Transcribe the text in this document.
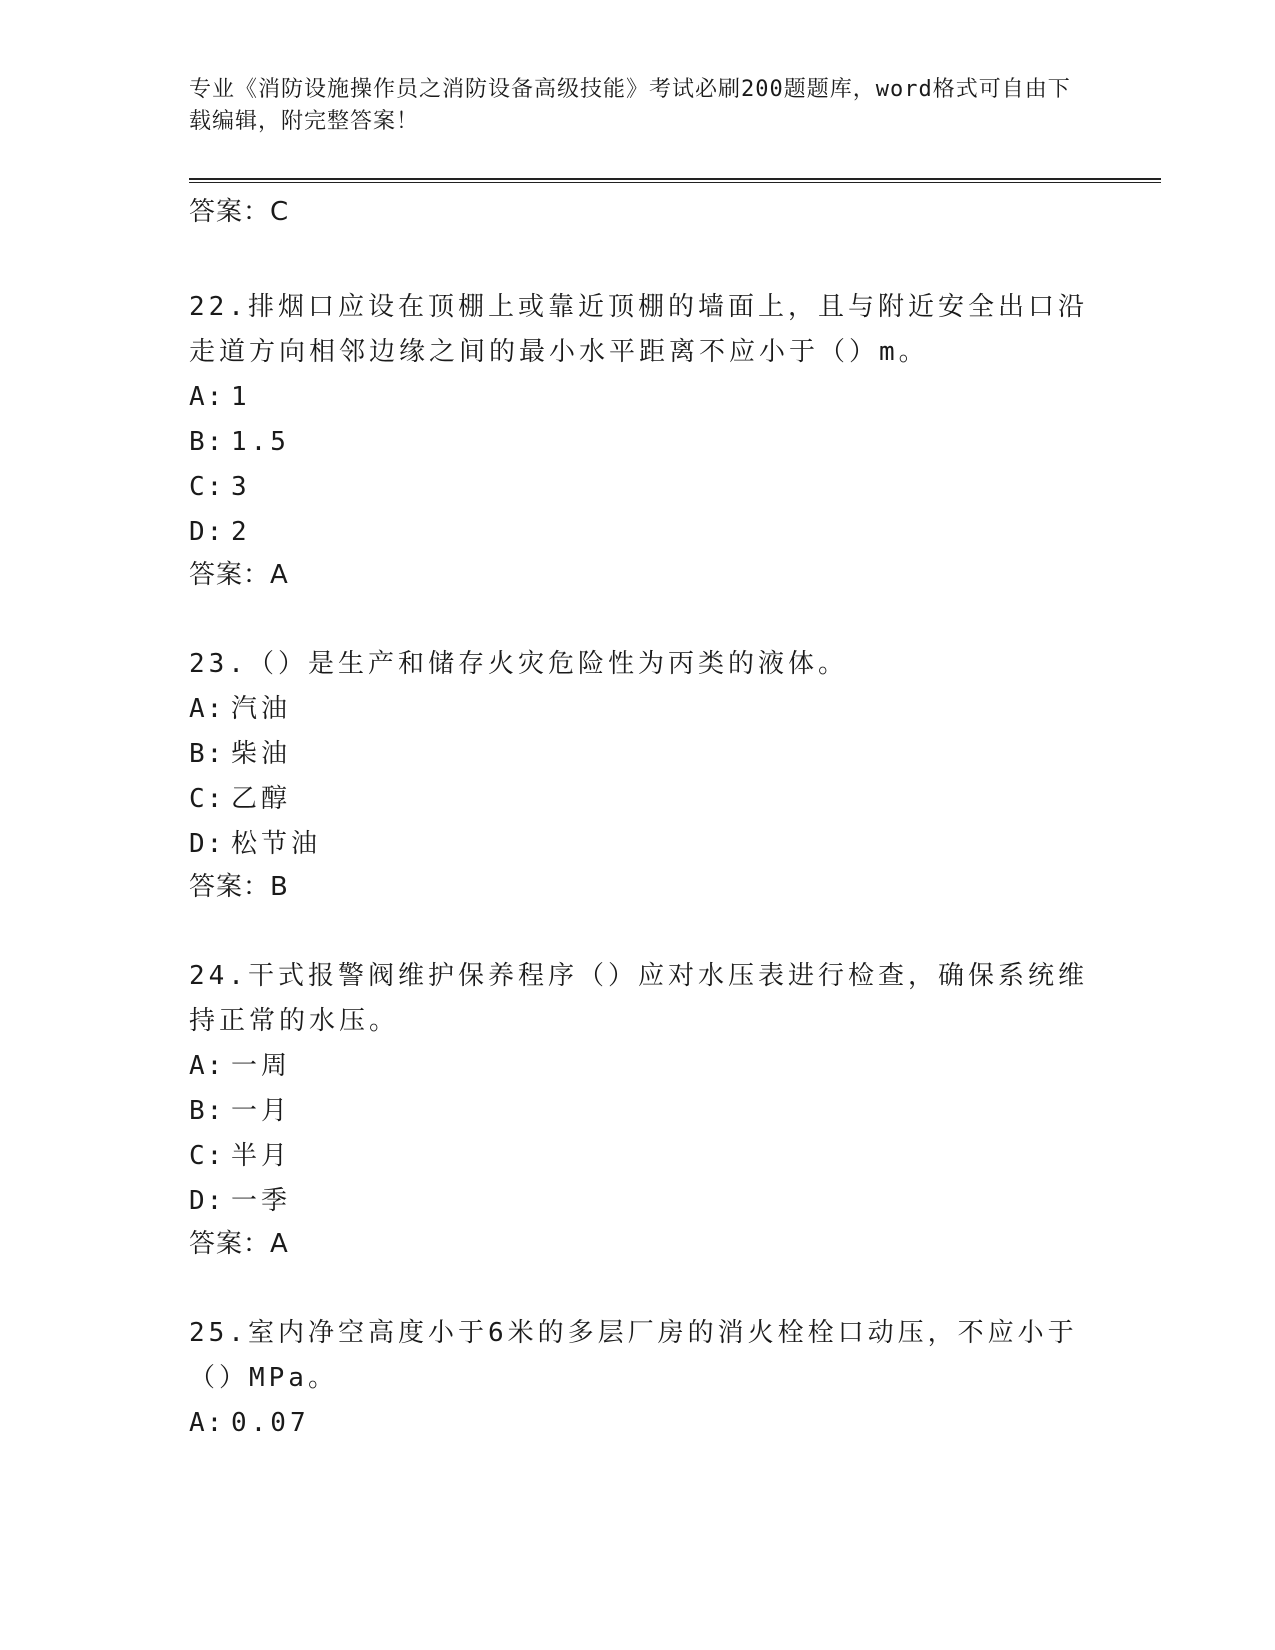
专业《消防设施操作员之消防设备高级技能》考试必刷200题题库，word格式可自由下载编辑，附完整答案！
答案：C

22.排烟口应设在顶棚上或靠近顶棚的墙面上，且与附近安全出口沿走道方向相邻边缘之间的最小水平距离不应小于（）m。

A: 1
B: 1.5
C: 3
D: 2
答案：A

23.（）是生产和储存火灾危险性为丙类的液体。

A: 汽油
B: 柴油
C: 乙醇
D: 松节油
答案：B

24.干式报警阀维护保养程序（）应对水压表进行检查，确保系统维持正常的水压。

A: 一周
B: 一月
C: 半月
D: 一季
答案：A

25.室内净空高度小于6米的多层厂房的消火栓栓口动压，不应小于（）MPa。

A: 0.07
